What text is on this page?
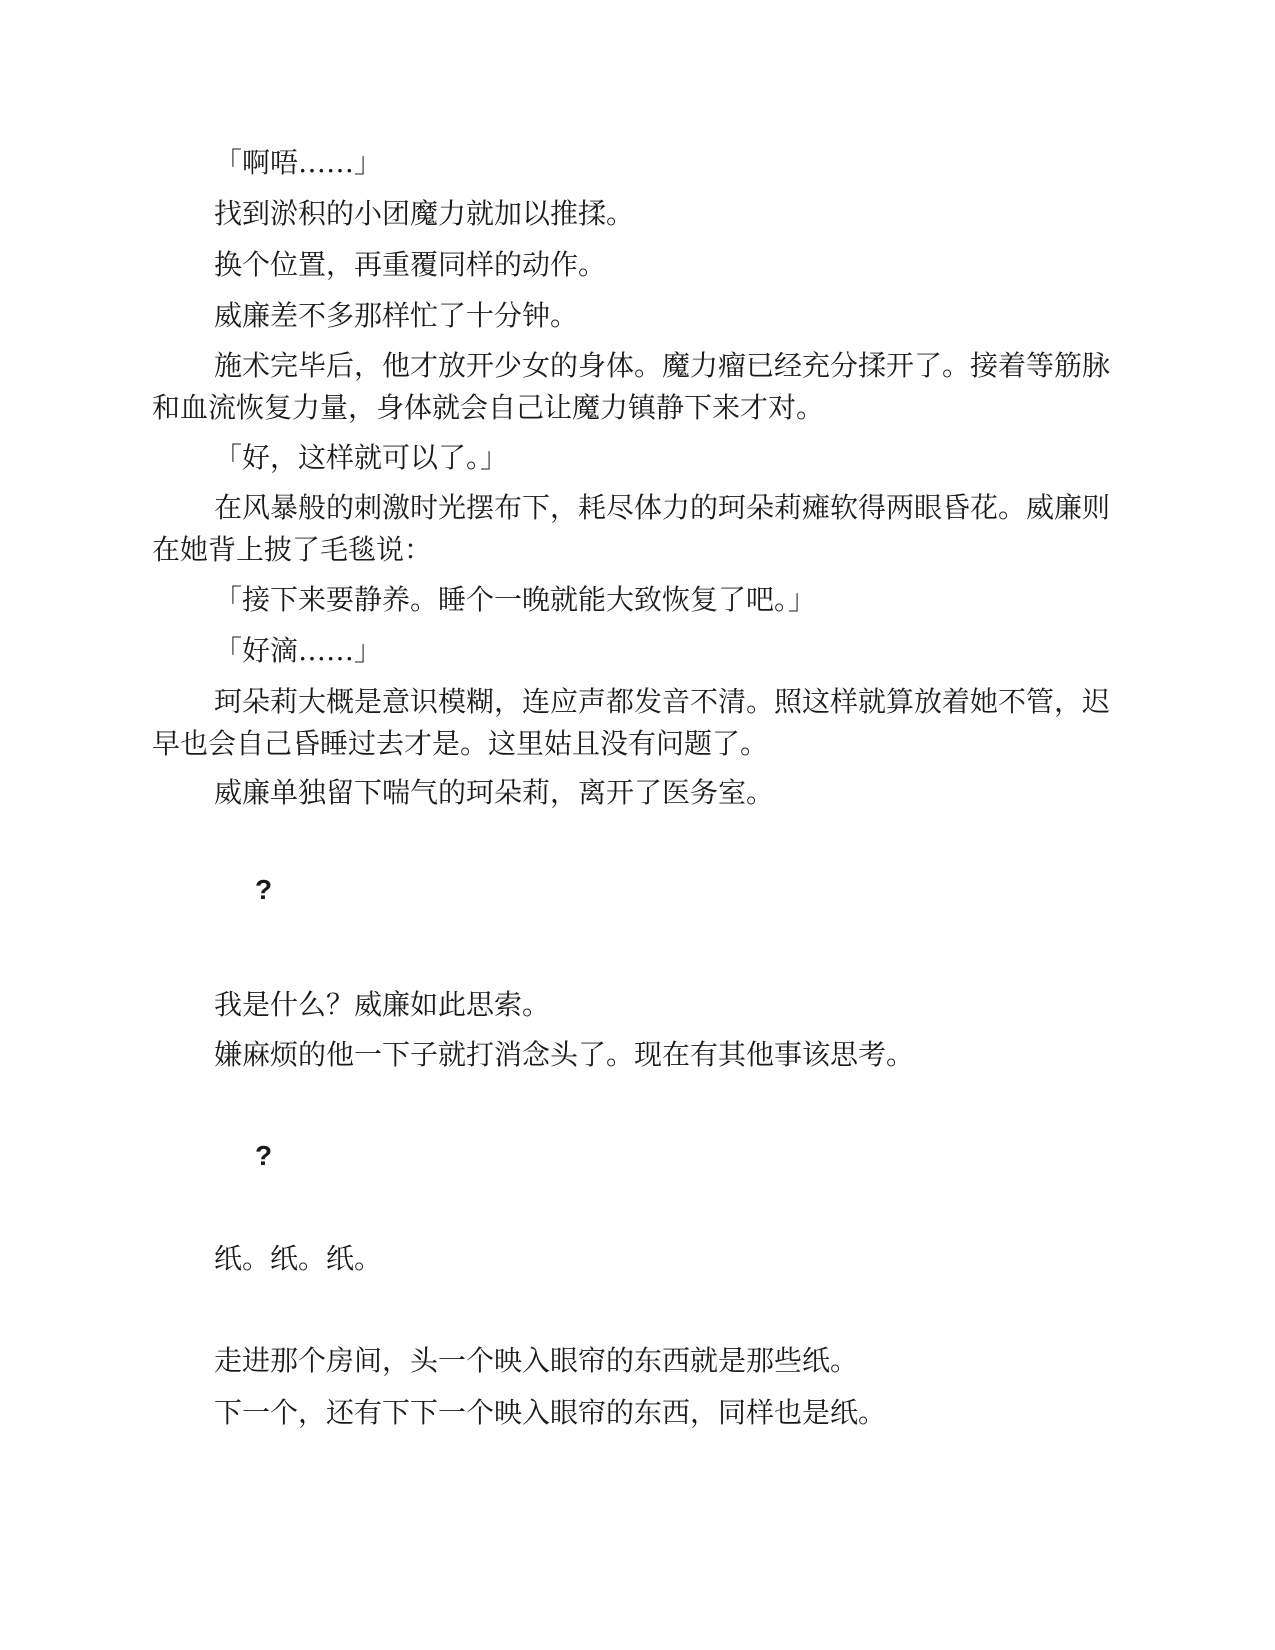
「啊唔……」

找到淤积的小团魔力就加以推揉。

换个位置，再重覆同样的动作。

威廉差不多那样忙了十分钟。

施术完毕后，他才放开少女的身体。魔力瘤已经充分揉开了。接着等筋脉和血流恢复力量，身体就会自己让魔力镇静下来才对。

「好，这样就可以了。」

在风暴般的刺激时光摆布下，耗尽体力的珂朵莉瘫软得两眼昏花。威廉则在她背上披了毛毯说：

「接下来要静养。睡个一晚就能大致恢复了吧。」

「好滴……」

珂朵莉大概是意识模糊，连应声都发音不清。照这样就算放着她不管，迟早也会自己昏睡过去才是。这里姑且没有问题了。

威廉单独留下喘气的珂朵莉，离开了医务室。

?

我是什么？威廉如此思索。

嫌麻烦的他一下子就打消念头了。现在有其他事该思考。

?

纸。纸。纸。

走进那个房间，头一个映入眼帘的东西就是那些纸。

下一个，还有下下一个映入眼帘的东西，同样也是纸。
